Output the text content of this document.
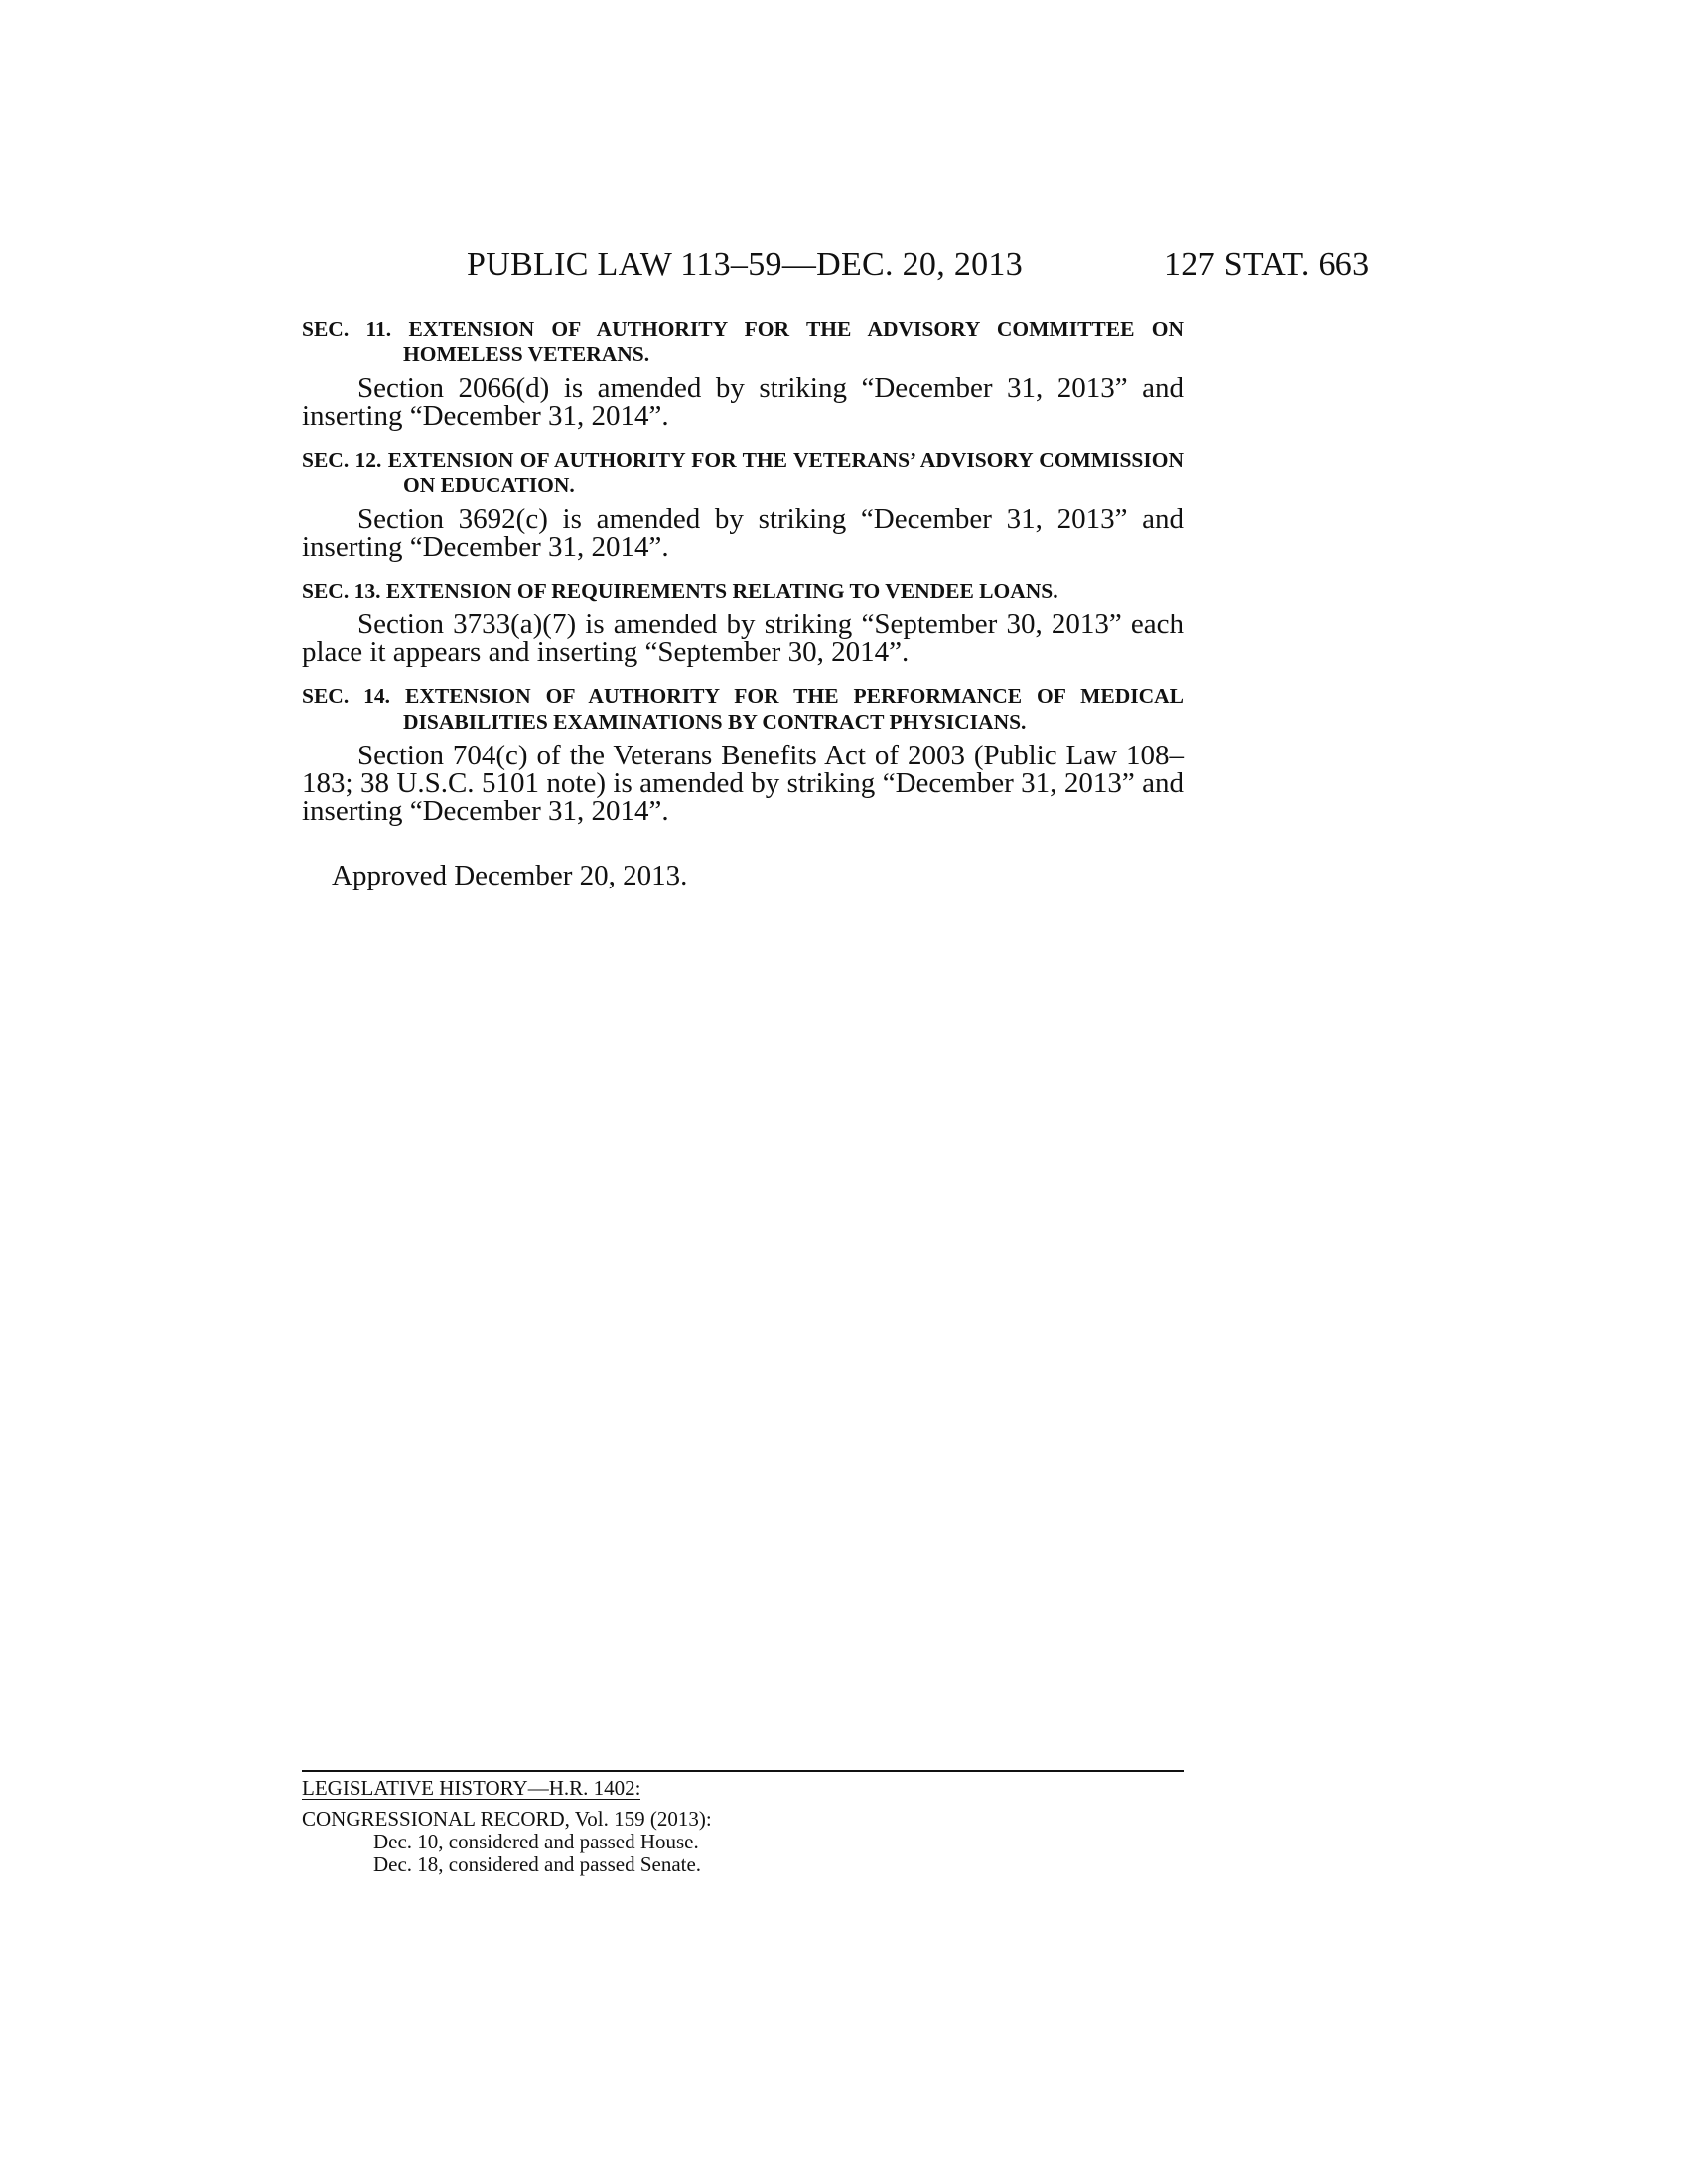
PUBLIC LAW 113–59—DEC. 20, 2013	127 STAT. 663

SEC. 11. EXTENSION OF AUTHORITY FOR THE ADVISORY COMMITTEE ON HOMELESS VETERANS.

Section 2066(d) is amended by striking “December 31, 2013” and inserting “December 31, 2014”.

SEC. 12. EXTENSION OF AUTHORITY FOR THE VETERANS’ ADVISORY COMMISSION ON EDUCATION.

Section 3692(c) is amended by striking “December 31, 2013” and inserting “December 31, 2014”.

SEC. 13. EXTENSION OF REQUIREMENTS RELATING TO VENDEE LOANS.

Section 3733(a)(7) is amended by striking “September 30, 2013” each place it appears and inserting “September 30, 2014”.

SEC. 14. EXTENSION OF AUTHORITY FOR THE PERFORMANCE OF MEDICAL DISABILITIES EXAMINATIONS BY CONTRACT PHYSICIANS.

Section 704(c) of the Veterans Benefits Act of 2003 (Public Law 108–183; 38 U.S.C. 5101 note) is amended by striking “December 31, 2013” and inserting “December 31, 2014”.

Approved December 20, 2013.

LEGISLATIVE HISTORY—H.R. 1402:
CONGRESSIONAL RECORD, Vol. 159 (2013):
Dec. 10, considered and passed House.
Dec. 18, considered and passed Senate.
